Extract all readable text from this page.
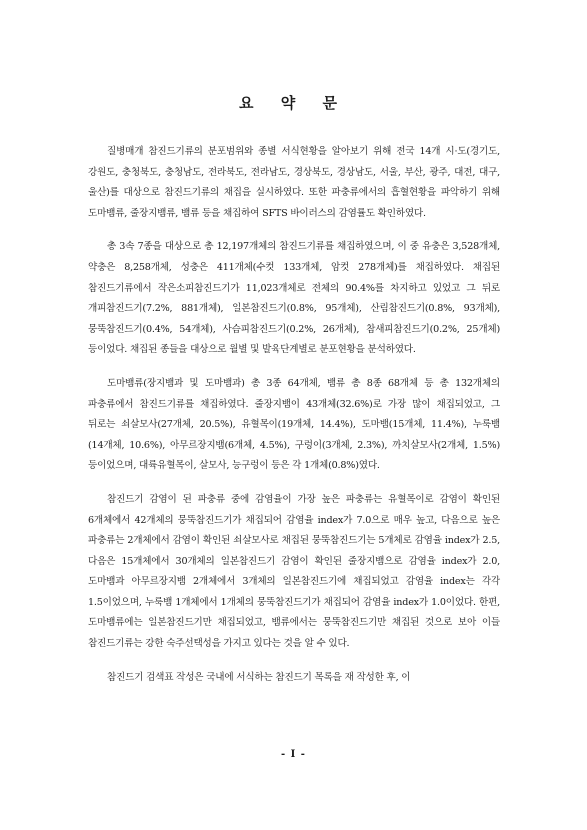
요 약 문

질병매개 참진드기류의 분포범위와 종별 서식현황을 알아보기 위해 전국 14개 시·도(경기도, 강원도, 충청북도, 충청남도, 전라북도, 전라남도, 경상북도, 경상남도, 서울, 부산, 광주, 대전, 대구, 울산)를 대상으로 참진드기류의 채집을 실시하였다. 또한 파충류에서의 흡혈현황을 파악하기 위해 도마뱀류, 줄장지뱀류, 뱀류 등을 채집하여 SFTS 바이러스의 감염률도 확인하였다.

총 3속 7종을 대상으로 총 12,197개체의 참진드기류를 채집하였으며, 이 중 유충은 3,528개체, 약충은 8,258개체, 성충은 411개체(수컷 133개체, 암컷 278개체)를 채집하였다. 채집된 참진드기류에서 작은소피참진드기가 11,023개체로 전체의 90.4%를 차지하고 있었고 그 뒤로 개피참진드기(7.2%, 881개체), 일본참진드기(0.8%, 95개체), 산림참진드기(0.8%, 93개체), 뭉뚝참진드기(0.4%, 54개체), 사슴피참진드기(0.2%, 26개체), 참새피참진드기(0.2%, 25개체) 등이었다. 채집된 종들을 대상으로 월별 및 발육단계별로 분포현황을 분석하였다.

도마뱀류(장지뱀과 및 도마뱀과) 총 3종 64개체, 뱀류 총 8종 68개체 등 총 132개체의 파충류에서 참진드기류를 채집하였다. 줄장지뱀이 43개체(32.6%)로 가장 많이 채집되었고, 그 뒤로는 쇠살모사(27개체, 20.5%), 유혈목이(19개체, 14.4%), 도마뱀(15개체, 11.4%), 누룩뱀(14개체, 10.6%), 아무르장지뱀(6개체, 4.5%), 구렁이(3개체, 2.3%), 까치살모사(2개체, 1.5%) 등이었으며, 대륙유혈목이, 살모사, 능구렁이 등은 각 1개체(0.8%)였다.

참진드기 감염이 된 파충류 중에 감염율이 가장 높은 파충류는 유혈목이로 감염이 확인된 6개체에서 42개체의 뭉뚝참진드기가 채집되어 감염율 index가 7.0으로 매우 높고, 다음으로 높은 파충류는 2개체에서 감염이 확인된 쇠살모사로 채집된 뭉뚝참진드기는 5개체로 감염율 index가 2.5, 다음은 15개체에서 30개체의 일본참진드기 감염이 확인된 줄장지뱀으로 감염율 index가 2.0, 도마뱀과 아무르장지뱀 2개체에서 3개체의 일본참진드기에 채집되었고 감염율 index는 각각 1.5이었으며, 누룩뱀 1개체에서 1개체의 뭉뚝참진드기가 채집되어 감염율 index가 1.0이었다. 한편, 도마뱀류에는 일본참진드기만 채집되었고, 뱀류에서는 뭉뚝참진드기만 채집된 것으로 보아 이들 참진드기류는 강한 숙주선택성을 가지고 있다는 것을 알 수 있다.

참진드기 검색표 작성은 국내에 서식하는 참진드기 목록을 재 작성한 후, 이

- I -
